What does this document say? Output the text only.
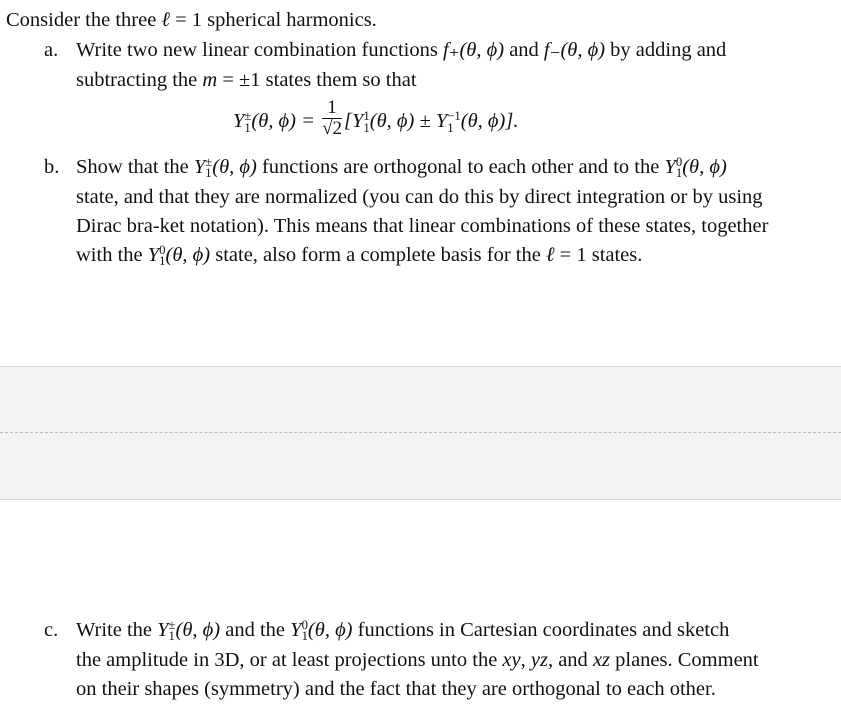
Consider the three ℓ = 1 spherical harmonics.
a. Write two new linear combination functions f₊(θ, ϕ) and f₋(θ, ϕ) by adding and
subtracting the m = ±1 states them so that
Y ±
1 (θ, $\phi) = \frac{1}{√2} [Y$ 1
1 (θ, ϕ) ± Y −1
1 (θ, ϕ)].
b. Show that the Y ±
1 (θ, ϕ) functions are orthogonal to each other and to the Y 0
1 (θ, ϕ)
state, and that they are normalized (you can do this by direct integration or by using
Dirac bra-ket notation). This means that linear combinations of these states, together
with the Y 0
1 (θ, ϕ) state, also form a complete basis for the ℓ = 1 states.
c. Write the Y ±
1 (θ, ϕ) and the Y 0
1 (θ, ϕ) functions in Cartesian coordinates and sketch
the amplitude in 3D, or at least projections unto the xy, yz, and xz planes. Comment
on their shapes (symmetry) and the fact that they are orthogonal to each other.
